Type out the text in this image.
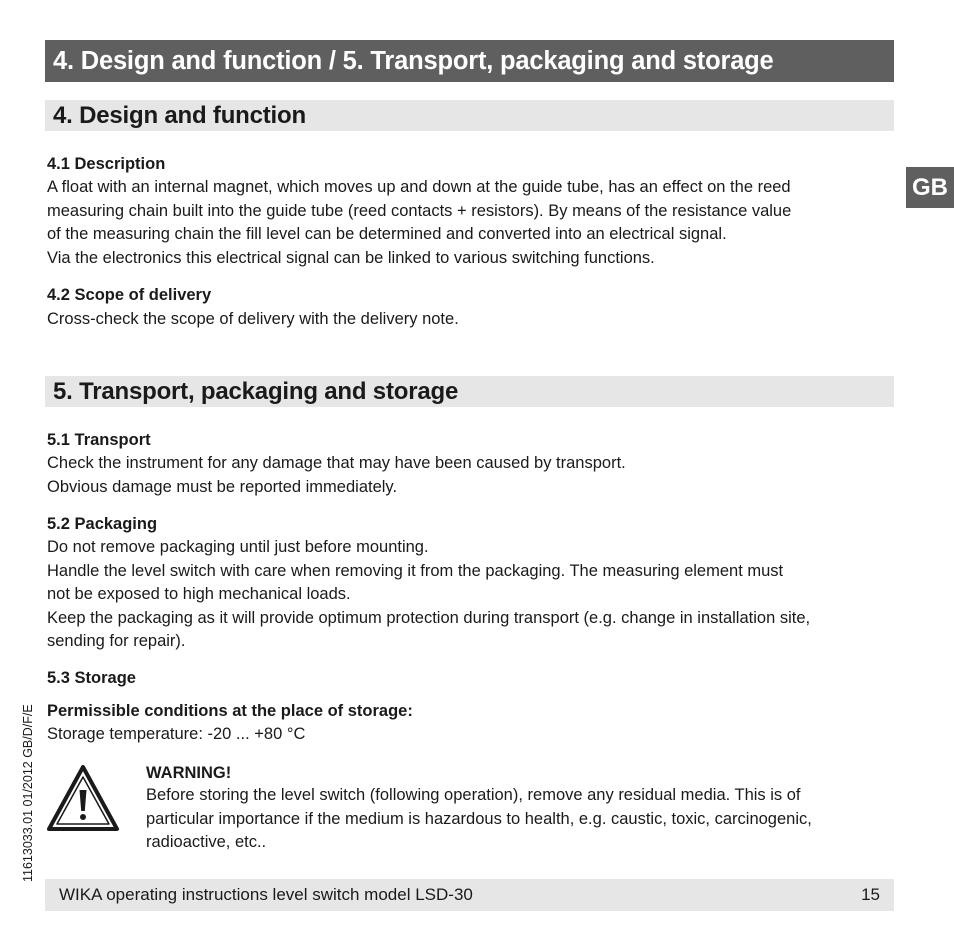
4. Design and function / 5. Transport, packaging and storage
GB
4. Design and function
4.1 Description
A float with an internal magnet, which moves up and down at the guide tube, has an effect on the reed
measuring chain built into the guide tube (reed contacts + resistors). By means of the resistance value
of the measuring chain the fill level can be determined and converted into an electrical signal.
Via the electronics this electrical signal can be linked to various switching functions.
4.2 Scope of delivery
Cross-check the scope of delivery with the delivery note.
5. Transport, packaging and storage
5.1 Transport
Check the instrument for any damage that may have been caused by transport.
Obvious damage must be reported immediately.
5.2 Packaging
Do not remove packaging until just before mounting.
Handle the level switch with care when removing it from the packaging. The measuring element must
not be exposed to high mechanical loads.
Keep the packaging as it will provide optimum protection during transport (e.g. change in installation site,
sending for repair).
5.3 Storage
Permissible conditions at the place of storage:
Storage temperature: -20 ... +80 °C
WARNING!
Before storing the level switch (following operation), remove any residual media. This is of
particular importance if the medium is hazardous to health, e.g. caustic, toxic, carcinogenic,
radioactive, etc..
11613033.01 01/2012 GB/D/F/E
WIKA operating instructions level switch model LSD-30	15
